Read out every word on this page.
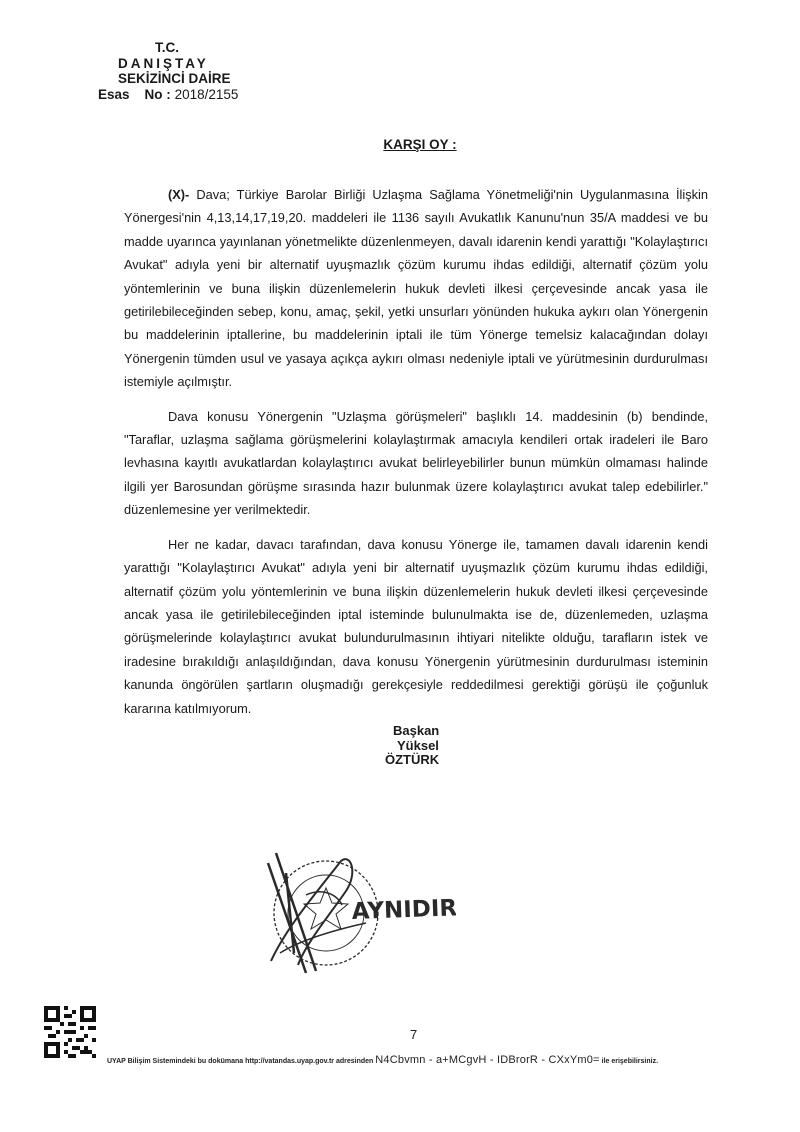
T.C.
DANIŞTAY
SEKİZİNCİ DAİRE
Esas No : 2018/2155
KARŞI OY :

(X)- Dava; Türkiye Barolar Birliği Uzlaşma Sağlama Yönetmeliği'nin Uygulanmasına İlişkin Yönergesi'nin 4,13,14,17,19,20. maddeleri ile 1136 sayılı Avukatlık Kanunu'nun 35/A maddesi ve bu madde uyarınca yayınlanan yönetmelikte düzenlenmeyen, davalı idarenin kendi yarattığı "Kolaylaştırıcı Avukat" adıyla yeni bir alternatif uyuşmazlık çözüm kurumu ihdas edildiği, alternatif çözüm yolu yöntemlerinin ve buna ilişkin düzenlemelerin hukuk devleti ilkesi çerçevesinde ancak yasa ile getirilebileceğinden sebep, konu, amaç, şekil, yetki unsurları yönünden hukuka aykırı olan Yönergenin bu maddelerinin iptallerine, bu maddelerinin iptali ile tüm Yönerge temelsiz kalacağından dolayı Yönergenin tümden usul ve yasaya açıkça aykırı olması nedeniyle iptali ve yürütmesinin durdurulması istemiyle açılmıştır.

Dava konusu Yönergenin "Uzlaşma görüşmeleri" başlıklı 14. maddesinin (b) bendinde, "Taraflar, uzlaşma sağlama görüşmelerini kolaylaştırmak amacıyla kendileri ortak iradeleri ile Baro levhasına kayıtlı avukatlardan kolaylaştırıcı avukat belirleyebilirler bunun mümkün olmaması halinde ilgili yer Barosundan görüşme sırasında hazır bulunmak üzere kolaylaştırıcı avukat talep edebilirler." düzenlemesine yer verilmektedir.

Her ne kadar, davacı tarafından, dava konusu Yönerge ile, tamamen davalı idarenin kendi yarattığı "Kolaylaştırıcı Avukat" adıyla yeni bir alternatif uyuşmazlık çözüm kurumu ihdas edildiği, alternatif çözüm yolu yöntemlerinin ve buna ilişkin düzenlemelerin hukuk devleti ilkesi çerçevesinde ancak yasa ile getirilebileceğinden iptal isteminde bulunulmakta ise de, düzenlemeden, uzlaşma görüşmelerinde kolaylaştırıcı avukat bulundurulmasının ihtiyari nitelikte olduğu, tarafların istek ve iradesine bırakıldığı anlaşıldığından, dava konusu Yönergenin yürütmesinin durdurulması isteminin kanunda öngörülen şartların oluşmadığı gerekçesiyle reddedilmesi gerektiği görüşü ile çoğunluk kararına katılmıyorum.

Başkan
Yüksel
ÖZTÜRK
AYNIDIR
7
UYAP Bilişim Sistemindeki bu dokümana http://vatandas.uyap.gov.tr adresinden N4Cbvmn - a+MCgvH - IDBrorR - CXxYm0= ile erişebilirsiniz.
